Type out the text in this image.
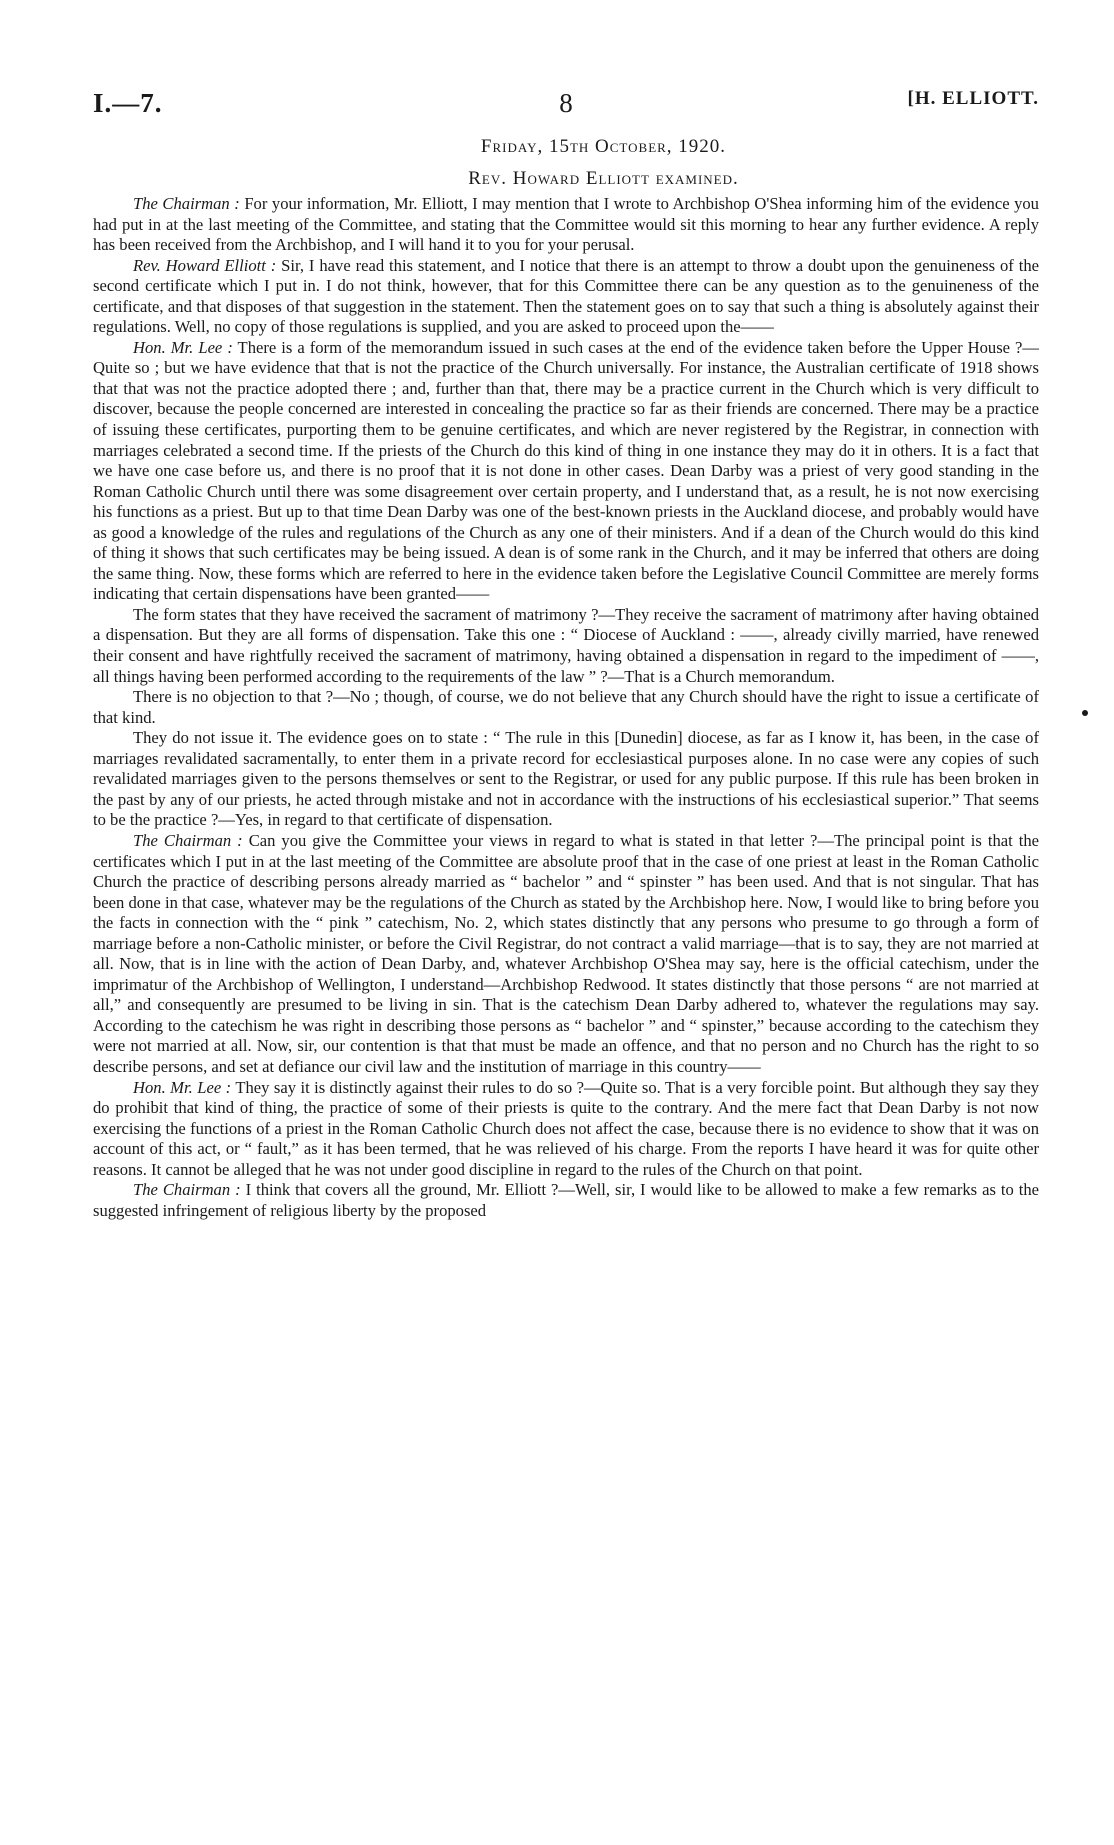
I.—7.	8	[H. ELLIOTT.
Friday, 15th October, 1920.
Rev. Howard Elliott examined.

The Chairman : For your information, Mr. Elliott, I may mention that I wrote to Archbishop O'Shea informing him of the evidence you had put in at the last meeting of the Committee, and stating that the Committee would sit this morning to hear any further evidence. A reply has been received from the Archbishop, and I will hand it to you for your perusal.

Rev. Howard Elliott : Sir, I have read this statement, and I notice that there is an attempt to throw a doubt upon the genuineness of the second certificate which I put in. I do not think, however, that for this Committee there can be any question as to the genuineness of the certificate, and that disposes of that suggestion in the statement. Then the statement goes on to say that such a thing is absolutely against their regulations. Well, no copy of those regulations is supplied, and you are asked to proceed upon the——

Hon. Mr. Lee : There is a form of the memorandum issued in such cases at the end of the evidence taken before the Upper House ?—Quite so ; but we have evidence that that is not the practice of the Church universally. For instance, the Australian certificate of 1918 shows that that was not the practice adopted there ; and, further than that, there may be a practice current in the Church which is very difficult to discover, because the people concerned are interested in concealing the practice so far as their friends are concerned. There may be a practice of issuing these certificates, purporting them to be genuine certificates, and which are never registered by the Registrar, in connection with marriages celebrated a second time. If the priests of the Church do this kind of thing in one instance they may do it in others. It is a fact that we have one case before us, and there is no proof that it is not done in other cases. Dean Darby was a priest of very good standing in the Roman Catholic Church until there was some disagreement over certain property, and I understand that, as a result, he is not now exercising his functions as a priest. But up to that time Dean Darby was one of the best-known priests in the Auckland diocese, and probably would have as good a knowledge of the rules and regulations of the Church as any one of their ministers. And if a dean of the Church would do this kind of thing it shows that such certificates may be being issued. A dean is of some rank in the Church, and it may be inferred that others are doing the same thing. Now, these forms which are referred to here in the evidence taken before the Legislative Council Committee are merely forms indicating that certain dispensations have been granted——

The form states that they have received the sacrament of matrimony ?—They receive the sacrament of matrimony after having obtained a dispensation. But they are all forms of dispensation. Take this one : “ Diocese of Auckland : ——, already civilly married, have renewed their consent and have rightfully received the sacrament of matrimony, having obtained a dispensation in regard to the impediment of ——, all things having been performed according to the requirements of the law ” ?—That is a Church memorandum.

There is no objection to that ?—No ; though, of course, we do not believe that any Church should have the right to issue a certificate of that kind.

They do not issue it. The evidence goes on to state : “ The rule in this [Dunedin] diocese, as far as I know it, has been, in the case of marriages revalidated sacramentally, to enter them in a private record for ecclesiastical purposes alone. In no case were any copies of such revalidated marriages given to the persons themselves or sent to the Registrar, or used for any public purpose. If this rule has been broken in the past by any of our priests, he acted through mistake and not in accordance with the instructions of his ecclesiastical superior.” That seems to be the practice ?—Yes, in regard to that certificate of dispensation.

The Chairman : Can you give the Committee your views in regard to what is stated in that letter ?—The principal point is that the certificates which I put in at the last meeting of the Committee are absolute proof that in the case of one priest at least in the Roman Catholic Church the practice of describing persons already married as “ bachelor ” and “ spinster ” has been used. And that is not singular. That has been done in that case, whatever may be the regulations of the Church as stated by the Archbishop here. Now, I would like to bring before you the facts in connection with the “ pink ” catechism, No. 2, which states distinctly that any persons who presume to go through a form of marriage before a non-Catholic minister, or before the Civil Registrar, do not contract a valid marriage—that is to say, they are not married at all. Now, that is in line with the action of Dean Darby, and, whatever Archbishop O'Shea may say, here is the official catechism, under the imprimatur of the Archbishop of Wellington, I understand—Archbishop Redwood. It states distinctly that those persons “ are not married at all,” and consequently are presumed to be living in sin. That is the catechism Dean Darby adhered to, whatever the regulations may say. According to the catechism he was right in describing those persons as “ bachelor ” and “ spinster,” because according to the catechism they were not married at all. Now, sir, our contention is that that must be made an offence, and that no person and no Church has the right to so describe persons, and set at defiance our civil law and the institution of marriage in this country——

Hon. Mr. Lee : They say it is distinctly against their rules to do so ?—Quite so. That is a very forcible point. But although they say they do prohibit that kind of thing, the practice of some of their priests is quite to the contrary. And the mere fact that Dean Darby is not now exercising the functions of a priest in the Roman Catholic Church does not affect the case, because there is no evidence to show that it was on account of this act, or “ fault,” as it has been termed, that he was relieved of his charge. From the reports I have heard it was for quite other reasons. It cannot be alleged that he was not under good discipline in regard to the rules of the Church on that point.

The Chairman : I think that covers all the ground, Mr. Elliott ?—Well, sir, I would like to be allowed to make a few remarks as to the suggested infringement of religious liberty by the proposed
